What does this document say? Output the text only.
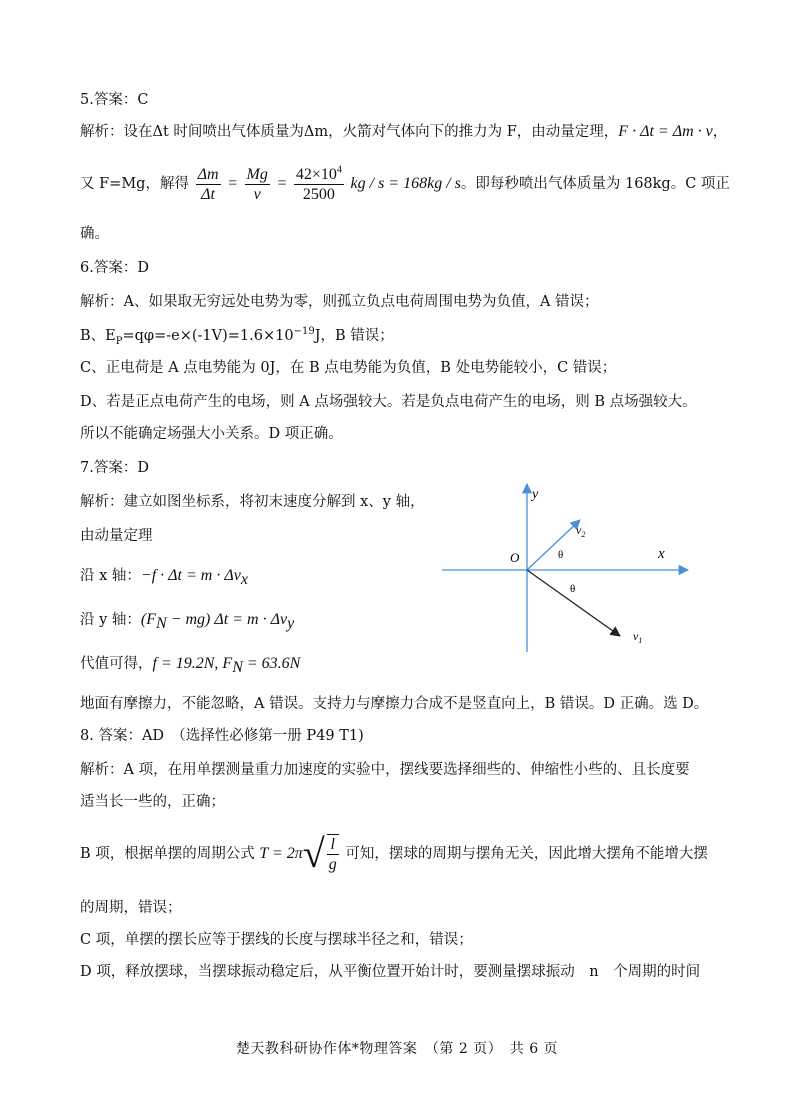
5.答案：C
解析：设在Δt 时间喷出气体质量为Δm，火箭对气体向下的推力为 F，由动量定理，F · Δt = Δm · v，
又 F=Mg，解得 $\frac{\Delta m}{\Delta t} = \frac{Mg}{v} = \frac{42\times 10^4}{2500}$ kg / s = 168kg / s。即每秒喷出气体质量为 168kg。C 项正
确。
6.答案：D
解析：A、如果取无穷远处电势为零，则孤立负点电荷周围电势为负值，A 错误；
B、$E_P=q\varphi=-e\times(-1V)=1.6\times 10^{-19}J$，B 错误；
C、正电荷是 A 点电势能为 0J，在 B 点电势能为负值，B 处电势能较小，C 错误；
D、若是正点电荷产生的电场，则 A 点场强较大。若是负点电荷产生的电场，则 B 点场强较大。
所以不能确定场强大小关系。D 项正确。
7.答案：D
解析：建立如图坐标系，将初末速度分解到 x、y 轴，
由动量定理
沿 x 轴：$-f \cdot \Delta t = m \cdot \Delta v_x$
沿 y 轴：$(F_N - mg) \Delta t = m \cdot \Delta v_y$
代值可得，f = 19.2N, $F_N = 63.6N$
地面有摩擦力，不能忽略，A 错误。支持力与摩擦力合成不是竖直向上，B 错误。D 正确。选 D。
y
x
O
$v_2$
$v_1$
θ
θ
8. 答案：AD　（选择性必修第一册 P49 T1)
解析：A 项，在用单摆测量重力加速度的实验中，摆线要选择细些的、伸缩性小些的、且长度要
适当长一些的，正确；
B 项，根据单摆的周期公式 T = 2π √ $\frac{l}{g}$ 可知，摆球的周期与摆角无关，因此增大摆角不能增大摆
的周期，错误；
C 项，单摆的摆长应等于摆线的长度与摆球半径之和，错误；
D 项，释放摆球，当摆球振动稳定后，从平衡位置开始计时，要测量摆球振动　n　个周期的时间
楚天教科研协作体*物理答案　（第 2 页）　共 6 页
